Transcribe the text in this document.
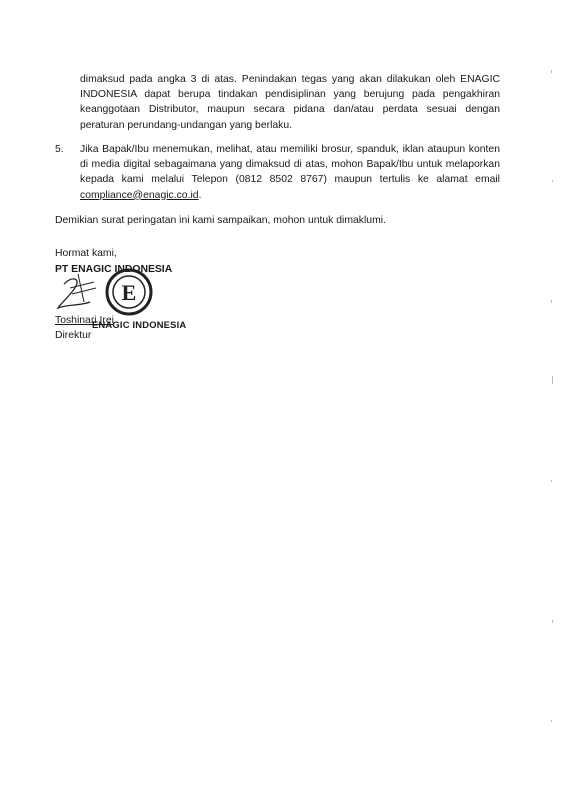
dimaksud pada angka 3 di atas. Penindakan tegas yang akan dilakukan oleh ENAGIC
INDONESIA dapat berupa tindakan pendisiplinan yang berujung pada pengakhiran
keanggotaan Distributor, maupun secara pidana dan/atau perdata sesuai dengan
peraturan perundang-undangan yang berlaku.
5. Jika Bapak/Ibu menemukan, melihat, atau memiliki brosur, spanduk, iklan ataupun konten
di media digital sebagaimana yang dimaksud di atas, mohon Bapak/Ibu untuk melaporkan
kepada kami melalui Telepon (0812 8502 8767) maupun tertulis ke alamat email
compliance@enagic.co.id.
Demikian surat peringatan ini kami sampaikan, mohon untuk dimaklumi.
Hormat kami,
PT ENAGIC INDONESIA
E
Toshinari Irei
ENAGIC INDONESIA
Direktur
